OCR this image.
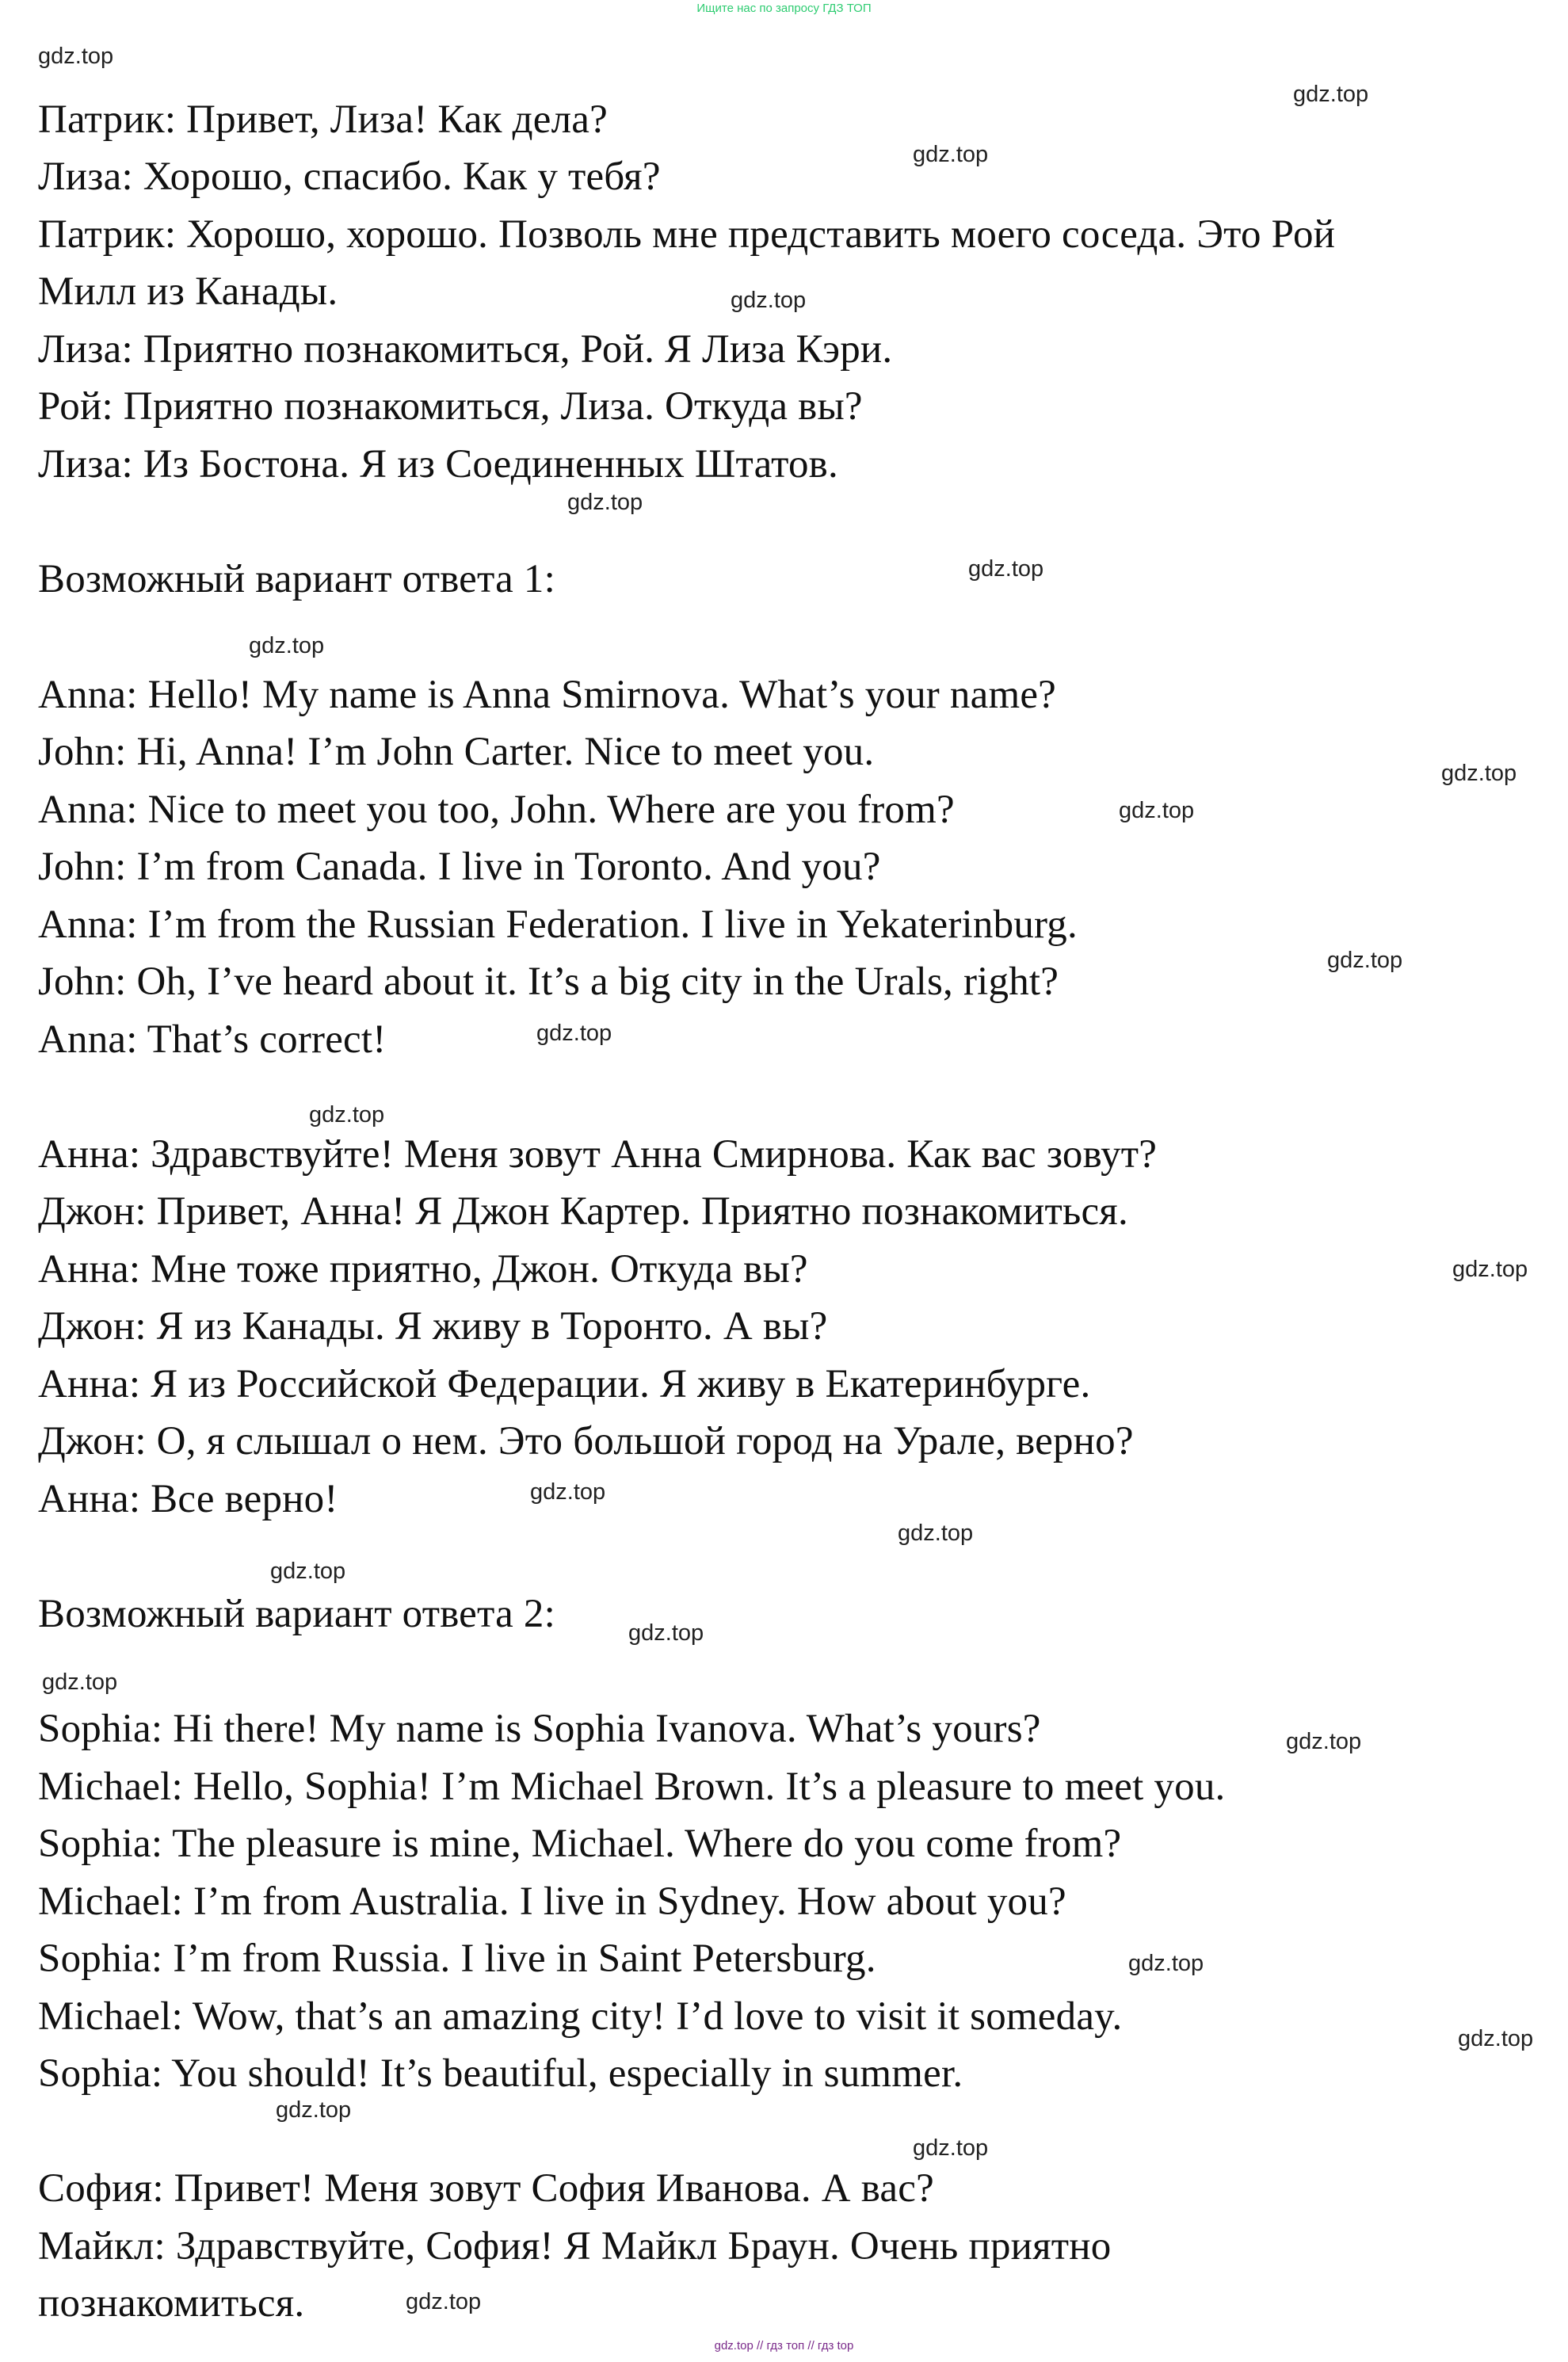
Ищите нас по запросу ГДЗ ТОП
Патрик: Привет, Лиза! Как дела?
Лиза: Хорошо, спасибо. Как у тебя?
Патрик: Хорошо, хорошо. Позволь мне представить моего соседа. Это Рой
Милл из Канады.
Лиза: Приятно познакомиться, Рой. Я Лиза Кэри.
Рой: Приятно познакомиться, Лиза. Откуда вы?
Лиза: Из Бостона. Я из Соединенных Штатов.
Возможный вариант ответа 1:
Anna: Hello! My name is Anna Smirnova. What’s your name?
John: Hi, Anna! I’m John Carter. Nice to meet you.
Anna: Nice to meet you too, John. Where are you from?
John: I’m from Canada. I live in Toronto. And you?
Anna: I’m from the Russian Federation. I live in Yekaterinburg.
John: Oh, I’ve heard about it. It’s a big city in the Urals, right?
Anna: That’s correct!
Анна: Здравствуйте! Меня зовут Анна Смирнова. Как вас зовут?
Джон: Привет, Анна! Я Джон Картер. Приятно познакомиться.
Анна: Мне тоже приятно, Джон. Откуда вы?
Джон: Я из Канады. Я живу в Торонто. А вы?
Анна: Я из Российской Федерации. Я живу в Екатеринбурге.
Джон: О, я слышал о нем. Это большой город на Урале, верно?
Анна: Все верно!
Возможный вариант ответа 2:
Sophia: Hi there! My name is Sophia Ivanova. What’s yours?
Michael: Hello, Sophia! I’m Michael Brown. It’s a pleasure to meet you.
Sophia: The pleasure is mine, Michael. Where do you come from?
Michael: I’m from Australia. I live in Sydney. How about you?
Sophia: I’m from Russia. I live in Saint Petersburg.
Michael: Wow, that’s an amazing city! I’d love to visit it someday.
Sophia: You should! It’s beautiful, especially in summer.
София: Привет! Меня зовут София Иванова. А вас?
Майкл: Здравствуйте, София! Я Майкл Браун. Очень приятно
познакомиться.
gdz.top
gdz.top
gdz.top
gdz.top
gdz.top
gdz.top
gdz.top
gdz.top
gdz.top
gdz.top
gdz.top
gdz.top
gdz.top
gdz.top
gdz.top
gdz.top
gdz.top
gdz.top
gdz.top
gdz.top
gdz.top
gdz.top
gdz.top
gdz.top
gdz.top // гдз топ // гдз top
